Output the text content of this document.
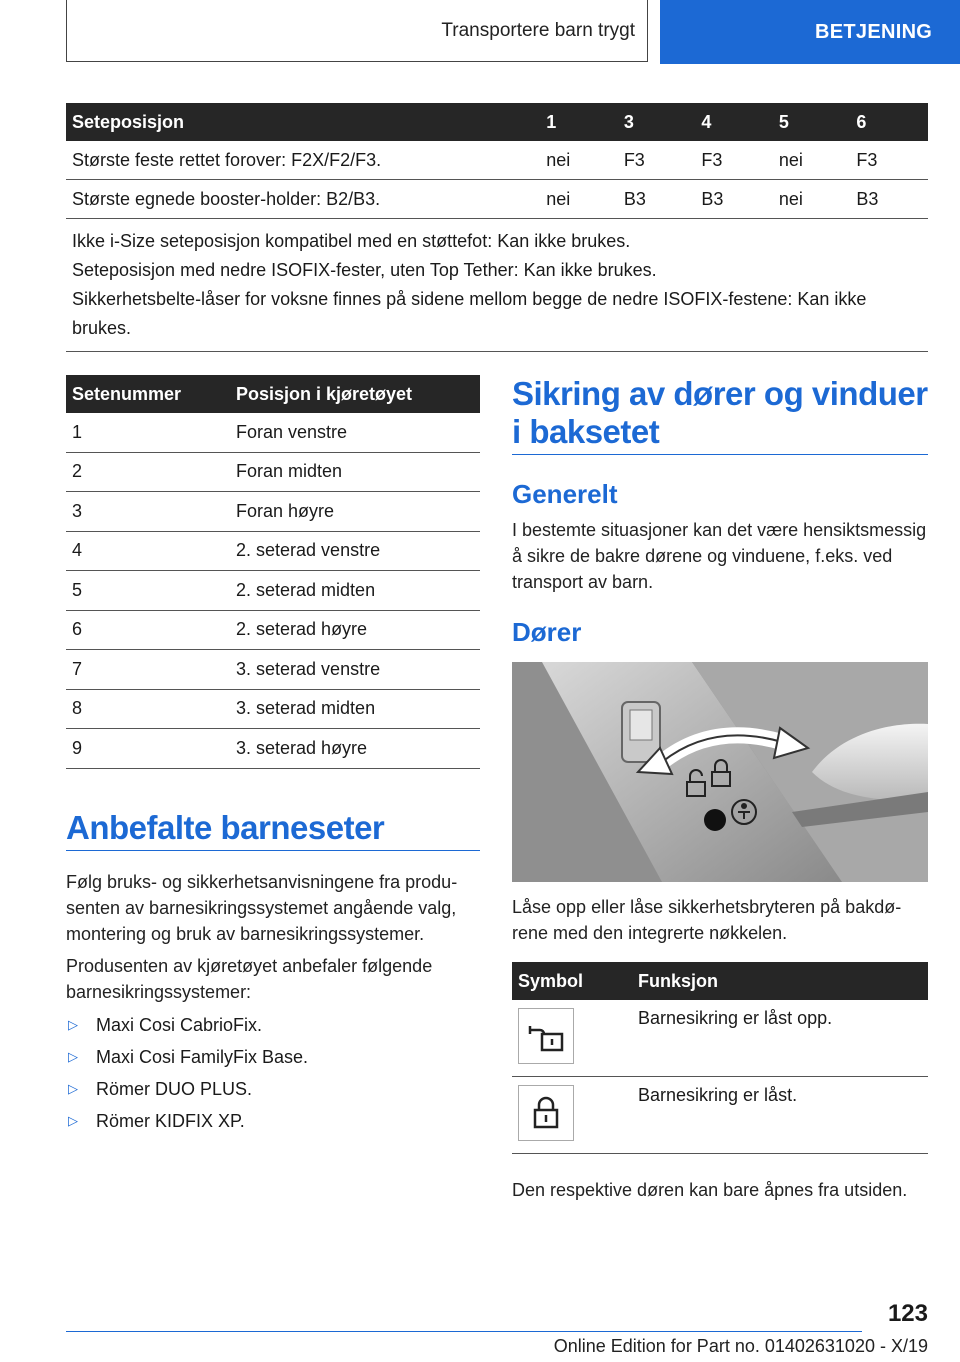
Transportere barn trygt	BETJENING
Seteposisjon	1	3	4	5	6
Største feste rettet forover: F2X/F2/F3.	nei	F3	F3	nei	F3
Største egnede booster-holder: B2/B3.	nei	B3	B3	nei	B3

Ikke i-Size seteposisjon kompatibel med en støttefot: Kan ikke brukes.
Seteposisjon med nedre ISOFIX-fester, uten Top Tether: Kan ikke brukes.
Sikkerhetsbelte-låser for voksne finnes på sidene mellom begge de nedre ISOFIX-festene: Kan ikke brukes.					
Setenummer	Posisjon i kjøretøyet
1	Foran venstre
2	Foran midten
3	Foran høyre
4	2. seterad venstre
5	2. seterad midten
6	2. seterad høyre
7	3. seterad venstre
8	3. seterad midten
9	3. seterad høyre
Anbefalte barneseter
Følg bruks- og sikkerhetsanvisningene fra produsenten av barnesikringssystemet angående valg, montering og bruk av barnesikringssystemer.
Produsenten av kjøretøyet anbefaler følgende barnesikringssystemer:
▷	Maxi Cosi CabrioFix.
▷	Maxi Cosi FamilyFix Base.
▷	Römer DUO PLUS.
▷	Römer KIDFIX XP.
Sikring av dører og vinduer
i baksetet
Generelt
I bestemte situasjoner kan det være hensiktsmessig å sikre de bakre dørene og vinduene, f.eks. ved transport av barn.
Dører
Låse opp eller låse sikkerhetsbryteren på bakdørene med den integrerte nøkkelen.
Symbol	Funksjon

	Barnesikring er låst opp.

	Barnesikring er låst.
Den respektive døren kan bare åpnes fra utsiden.
123
Online Edition for Part no. 01402631020 - X/19
